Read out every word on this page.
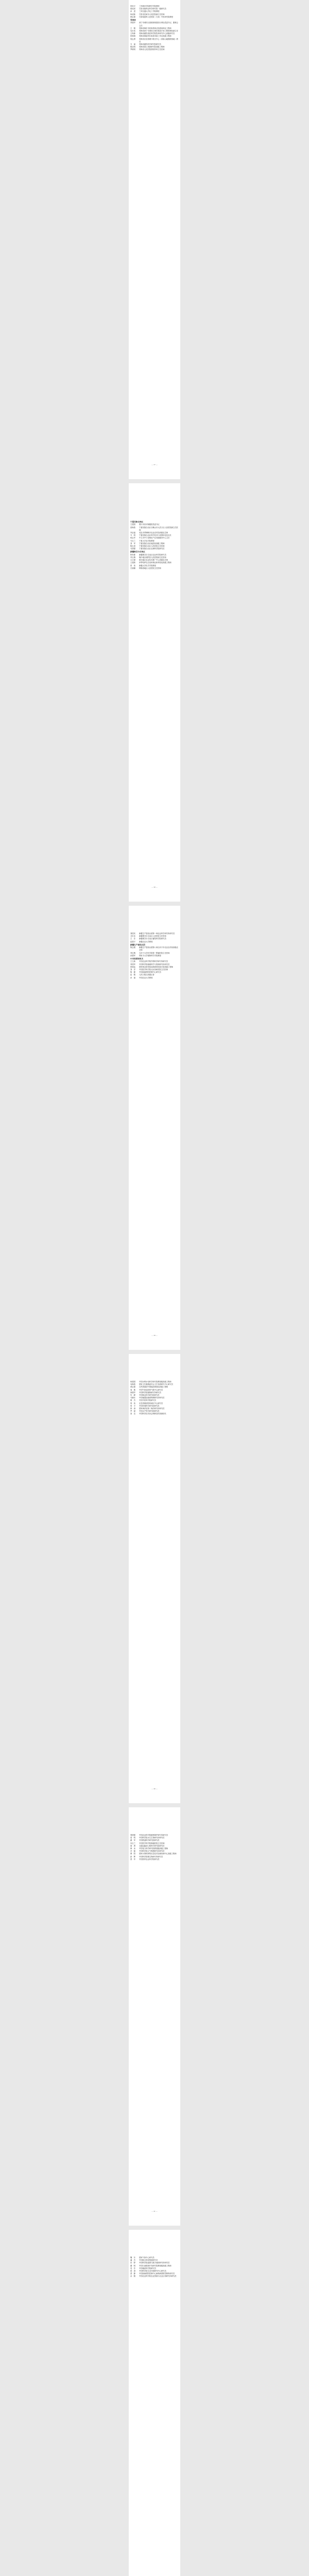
张祝平	兰州城市学院教学学院教授
蒋成虎	甘肃省康养业科学研究院一级研究员
孙　进	兰州交通大学化工学院教授
杨成林	甘肃省武威市人民医院副主任医师
韩志强	甘肃临夏州人民医院（天祝）中医研究院教授
青海省
李建华	西宁市城市区面源规划建设办事处党委书记、董事会主任
王　刚	青海省海东市民和县林业发展局林业工程师
吴永伟	青海省西宁市城东区城市建设计划工程管理处副主任
王尚林	青海省畜牧兽医科学院牧草研究中心高级研究员
张林海	青海省海南州共和县草原工作站高级工程师
郭志勇	青海省应急管理厅救灾中心（高原山地搜救基地）教官
马　丽	青海省畜牧科学研究院研究员
陈启明	青海省国土资源研究院高级工程师
罗树明	青海省人民医院肝胆外科主任医师
— 37 —
宁夏回族自治区
王建国	银川市妇幼保健院党委书记
张海燕	宁夏回族自治区石嘴山市大武口区人民医院副主任医师
李金福	吴忠市青铜峡市农业农村局高级农艺师
马　明	宁夏回族自治区科学技术厅成果转化处处长
杨志华	中卫市中宁县枸杞产业发展服务中心主任
马玉兰	宁夏大学农学院教授
刘　军	宁夏回族自治区地质局高级工程师
陈玉香	宁夏回族自治区人民医院主任医师
马国强	宁夏回族自治区农林科学院研究员
新疆维吾尔自治区
阿布都	新疆维吾尔自治区农业科学院研究员
李玉梅	喀什地区疏附县人民医院副主任医师
买买提	和田地区农业技术推广中心高级农艺师
王建新	伊犁哈萨克自治州林业和草原局高级工程师
张　伟	新疆大学化学学院教授
古丽娜	阿勒泰地区人民医院主任医师
— 38 —
刘国庆	新疆生产建设兵团第一师农业科学研究所研究员
艾尔肯	新疆维吾尔自治区人民医院主任医师
王　芳	新疆维吾尔自治区畜牧科学院研究员
赵建平	新疆农业大学教授
新疆生产建设兵团
陈志刚	新疆生产建设兵团第八师石河子市农业农村局高级农艺师
李红梅	石河子大学医学院第一附属医院主任医师
孙建军	塔里木大学植物科学学院教授
中央和国家机关
王立新	中国农业科学院作物科学研究所研究员
李国华	中国科学院地理科学与资源研究所研究员
张明远	国家林业和草原局调查规划设计院高级工程师
刘　洋	中国医学科学院北京协和医院主任医师
陈　静	中国疾病预防控制中心研究员
赵　刚	人民日报社高级记者
孙　丽	中国农业大学教授
— 39 —
杨建国	中国水利水电科学研究院教授级高级工程师
吴海燕	国家卫生健康委员会卫生发展研究中心研究员
黄志强	自然资源部中国地质调查局高级工程师
周　敏	中国气象局国家气候中心研究员
徐建华	中国科学院植物研究所研究员
朱　峰	中国林业科学研究院研究员
马晓东	中国地震局地球物理研究所研究员
胡　杰	中国中医科学院研究员
郭　伟	应急管理部国家减灾中心研究员
何　平	中国环境科学研究院研究员
林　涛	国家海洋局第二海洋研究所研究员
罗　斌	中国水产科学研究院研究员
高　洁	中国科学技术协会调研宣传部副部长
— 40 —
郑国强	中国农业科学院植物保护研究所研究员
梁　明	中国科学院水生生物研究所研究员
谢　军	中国铁道科学研究院研究员
宋玉兰	中国医学科学院肿瘤医院主任医师
唐　勇	交通运输部公路科学研究院研究员
韩　冰	中国电力科学研究院教授级高级工程师
冯　磊	中国科学院大气物理研究所研究员
曹　阳	国家计算机网络应急技术处理协调中心高级工程师
彭　辉	中国科学院微生物研究所研究员
曾　华	中国热带农业科学院研究员
— 41 —
魏　东	国家气象中心研究员
潘　杰	中国航天科技集团研究员
田　野	中国科学院遥感与数字地球研究所研究员
董　明	中国石油勘探开发研究院教授级高级工程师
袁　芳	中国地质科学院研究员
蒋　涛	中国科学院生态环境研究中心研究员
蔡　静	中国疾病预防控制中心病毒病预防控制所研究员
余　刚	中国农业科学院农业资源与农业区划研究所研究员
